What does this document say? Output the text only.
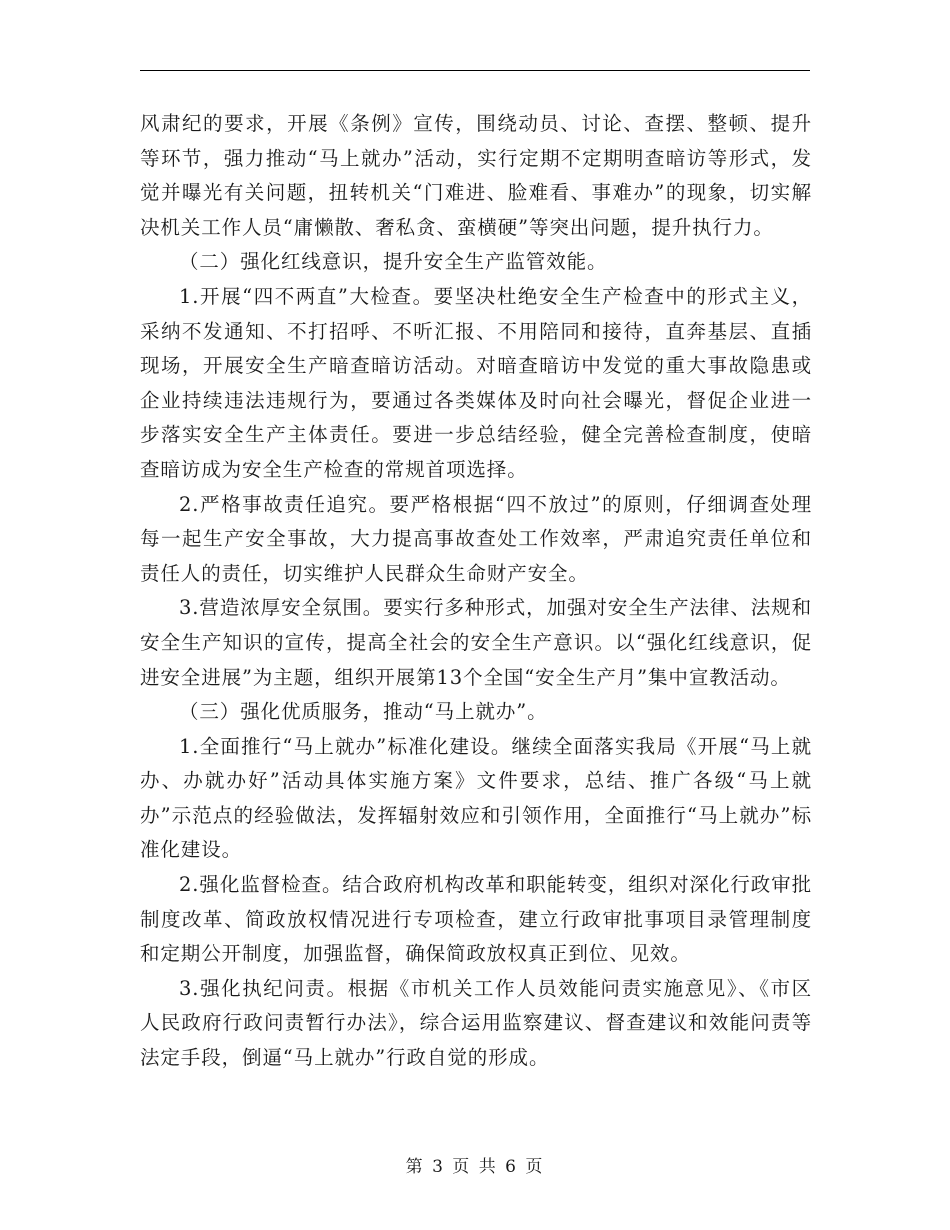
风肃纪的要求，开展《条例》宣传，围绕动员、讨论、查摆、整顿、提升等环节，强力推动“马上就办”活动，实行定期不定期明查暗访等形式，发觉并曝光有关问题，扭转机关“门难进、脸难看、事难办”的现象，切实解决机关工作人员“庸懒散、奢私贪、蛮横硬”等突出问题，提升执行力。

（二）强化红线意识，提升安全生产监管效能。

1.开展“四不两直”大检查。要坚决杜绝安全生产检查中的形式主义，采纳不发通知、不打招呼、不听汇报、不用陪同和接待，直奔基层、直插现场，开展安全生产暗查暗访活动。对暗查暗访中发觉的重大事故隐患或企业持续违法违规行为，要通过各类媒体及时向社会曝光，督促企业进一步落实安全生产主体责任。要进一步总结经验，健全完善检查制度，使暗查暗访成为安全生产检查的常规首项选择。

2.严格事故责任追究。要严格根据“四不放过”的原则，仔细调查处理每一起生产安全事故，大力提高事故查处工作效率，严肃追究责任单位和责任人的责任，切实维护人民群众生命财产安全。

3.营造浓厚安全氛围。要实行多种形式，加强对安全生产法律、法规和安全生产知识的宣传，提高全社会的安全生产意识。以“强化红线意识，促进安全进展”为主题，组织开展第13个全国“安全生产月”集中宣教活动。

（三）强化优质服务，推动“马上就办”。

1.全面推行“马上就办”标准化建设。继续全面落实我局《开展“马上就办、办就办好”活动具体实施方案》文件要求，总结、推广各级“马上就办”示范点的经验做法，发挥辐射效应和引领作用，全面推行“马上就办”标准化建设。

2.强化监督检查。结合政府机构改革和职能转变，组织对深化行政审批制度改革、简政放权情况进行专项检查，建立行政审批事项目录管理制度和定期公开制度，加强监督，确保简政放权真正到位、见效。

3.强化执纪问责。根据《市机关工作人员效能问责实施意见》、《市区人民政府行政问责暂行办法》，综合运用监察建议、督查建议和效能问责等法定手段，倒逼“马上就办”行政自觉的形成。

第 3 页 共 6 页
